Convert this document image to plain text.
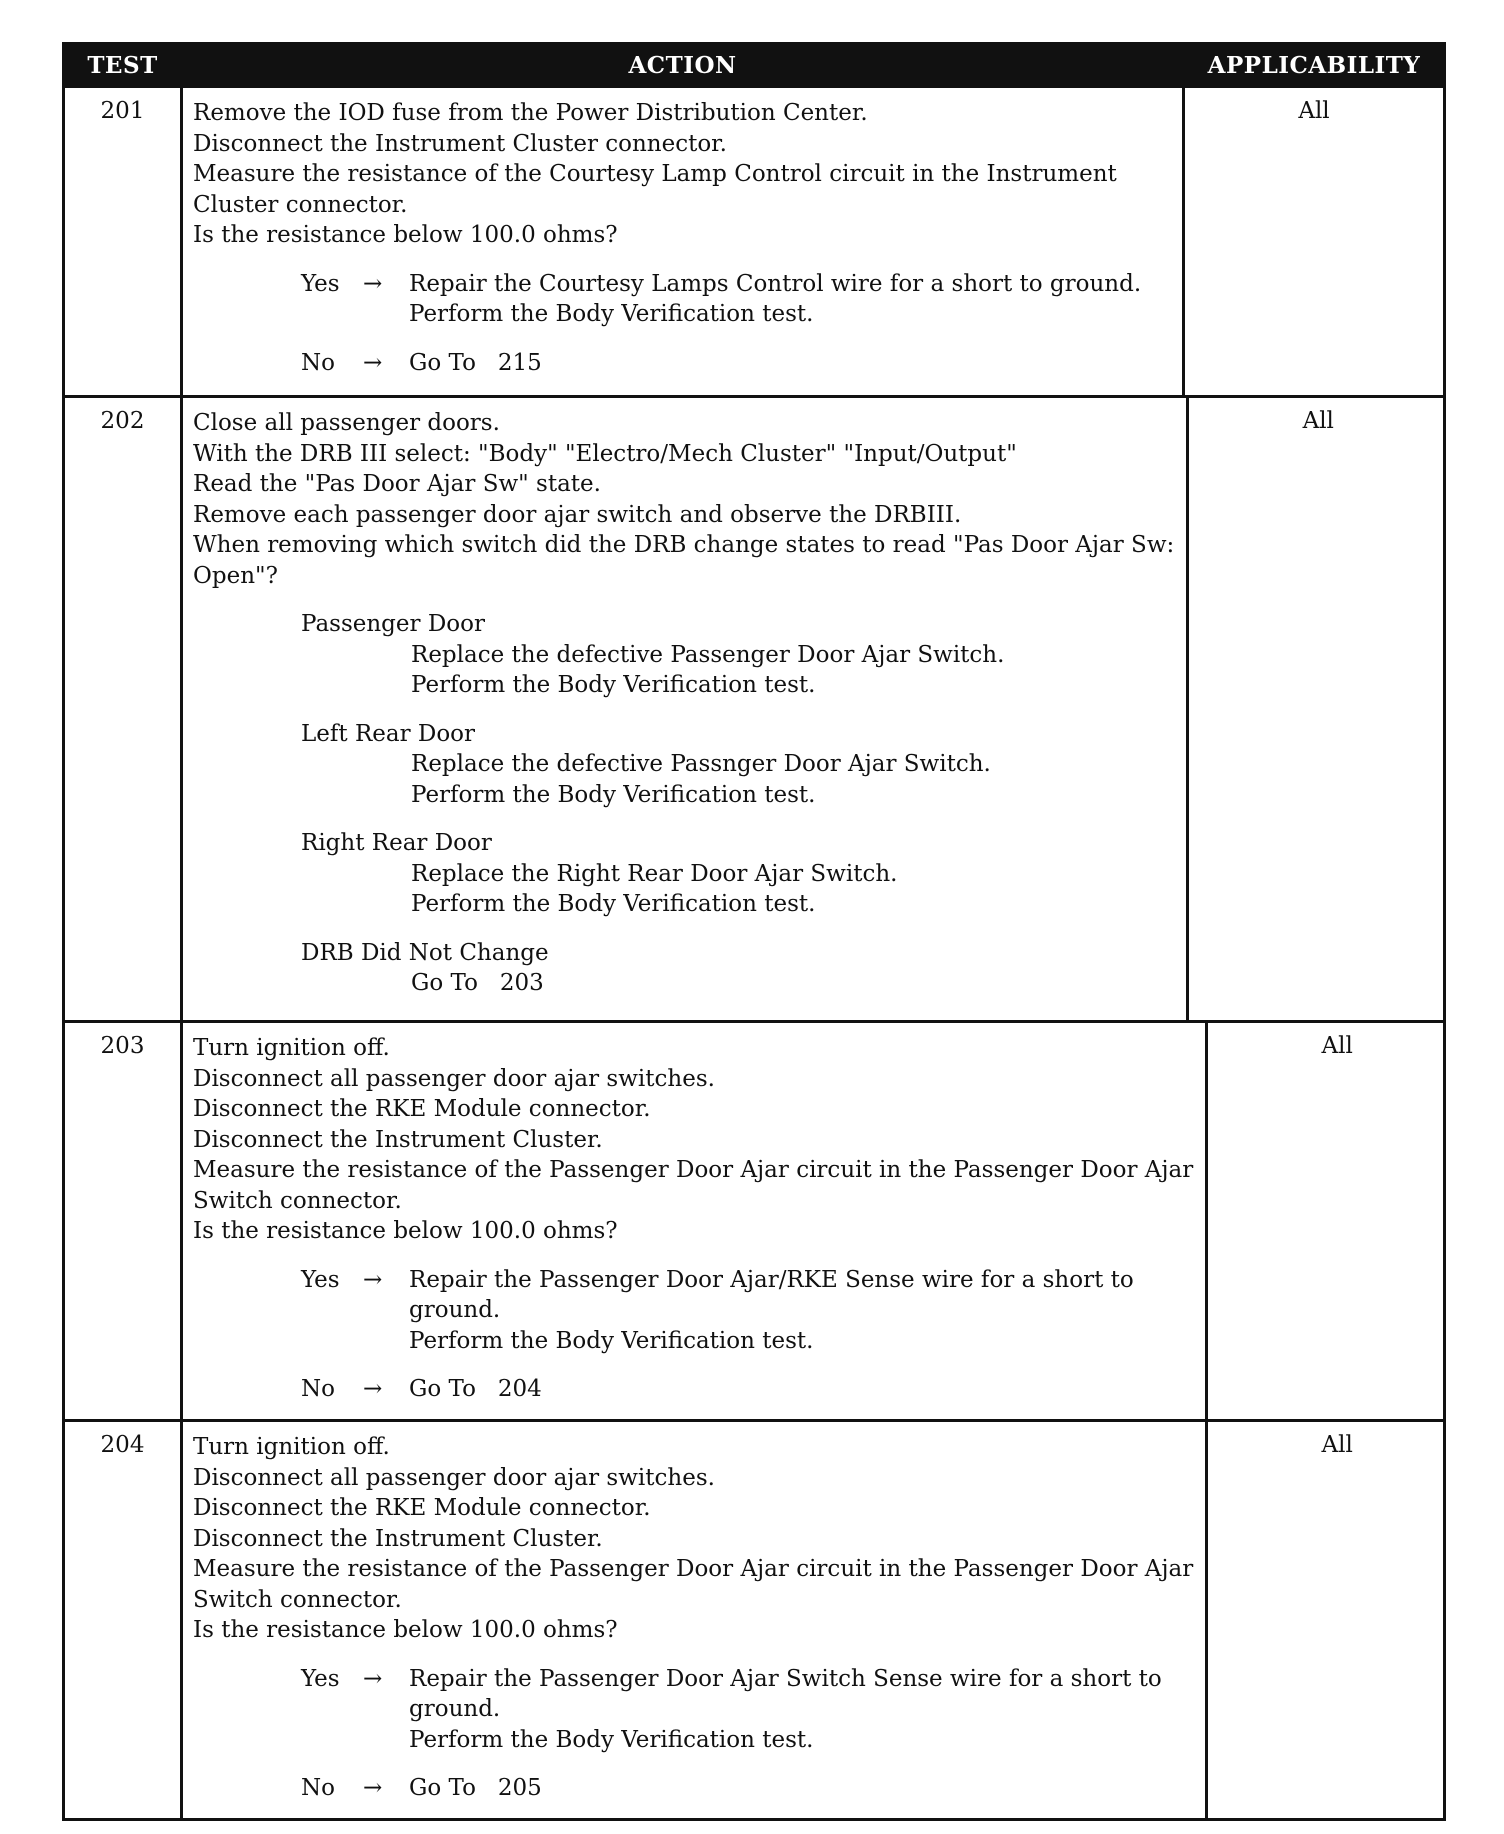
TEST	ACTION	APPLICABILITY
201	Remove the IOD fuse from the Power Distribution Center.
Disconnect the Instrument Cluster connector.
Measure the resistance of the Courtesy Lamp Control circuit in the Instrument
Cluster connector.
Is the resistance below 100.0 ohms?
Yes	→	Repair the Courtesy Lamps Control wire for a short to ground.
Perform the Body Verification test.
No	→	Go To   215
All
202	Close all passenger doors.
With the DRB III select: "Body" "Electro/Mech Cluster" "Input/Output"
Read the "Pas Door Ajar Sw" state.
Remove each passenger door ajar switch and observe the DRBIII.
When removing which switch did the DRB change states to read "Pas Door Ajar Sw:
Open"?
Passenger Door
Replace the defective Passenger Door Ajar Switch.
Perform the Body Verification test.
Left Rear Door
Replace the defective Passnger Door Ajar Switch.
Perform the Body Verification test.
Right Rear Door
Replace the Right Rear Door Ajar Switch.
Perform the Body Verification test.
DRB Did Not Change
Go To   203
All
203	Turn ignition off.
Disconnect all passenger door ajar switches.
Disconnect the RKE Module connector.
Disconnect the Instrument Cluster.
Measure the resistance of the Passenger Door Ajar circuit in the Passenger Door Ajar
Switch connector.
Is the resistance below 100.0 ohms?
Yes	→	Repair the Passenger Door Ajar/RKE Sense wire for a short to
ground.
Perform the Body Verification test.
No	→	Go To   204
All
204	Turn ignition off.
Disconnect all passenger door ajar switches.
Disconnect the RKE Module connector.
Disconnect the Instrument Cluster.
Measure the resistance of the Passenger Door Ajar circuit in the Passenger Door Ajar
Switch connector.
Is the resistance below 100.0 ohms?
Yes	→	Repair the Passenger Door Ajar Switch Sense wire for a short to
ground.
Perform the Body Verification test.
No	→	Go To   205
All
